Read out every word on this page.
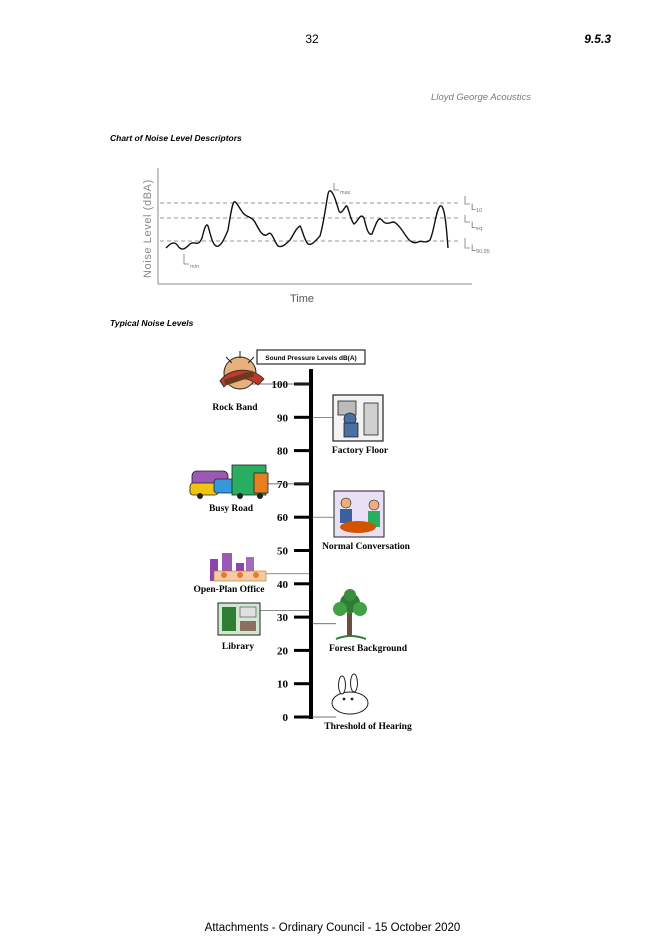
32	9.5.3
Lloyd George Acoustics
Chart of Noise Level Descriptors
Noise Level (dBA)
Time
$L_{10}$
$L_{eq}$
$L_{90,95}$
$L_{max}$
$L_{min}$
Typical Noise Levels
Sound Pressure Levels dB(A)
100
90
80
70
60
50
40
30
20
10
0
Rock Band
Factory Floor
Busy Road
Normal Conversation
Open-Plan Office
Library	Forest Background
Threshold of Hearing
Attachments - Ordinary Council - 15 October 2020
